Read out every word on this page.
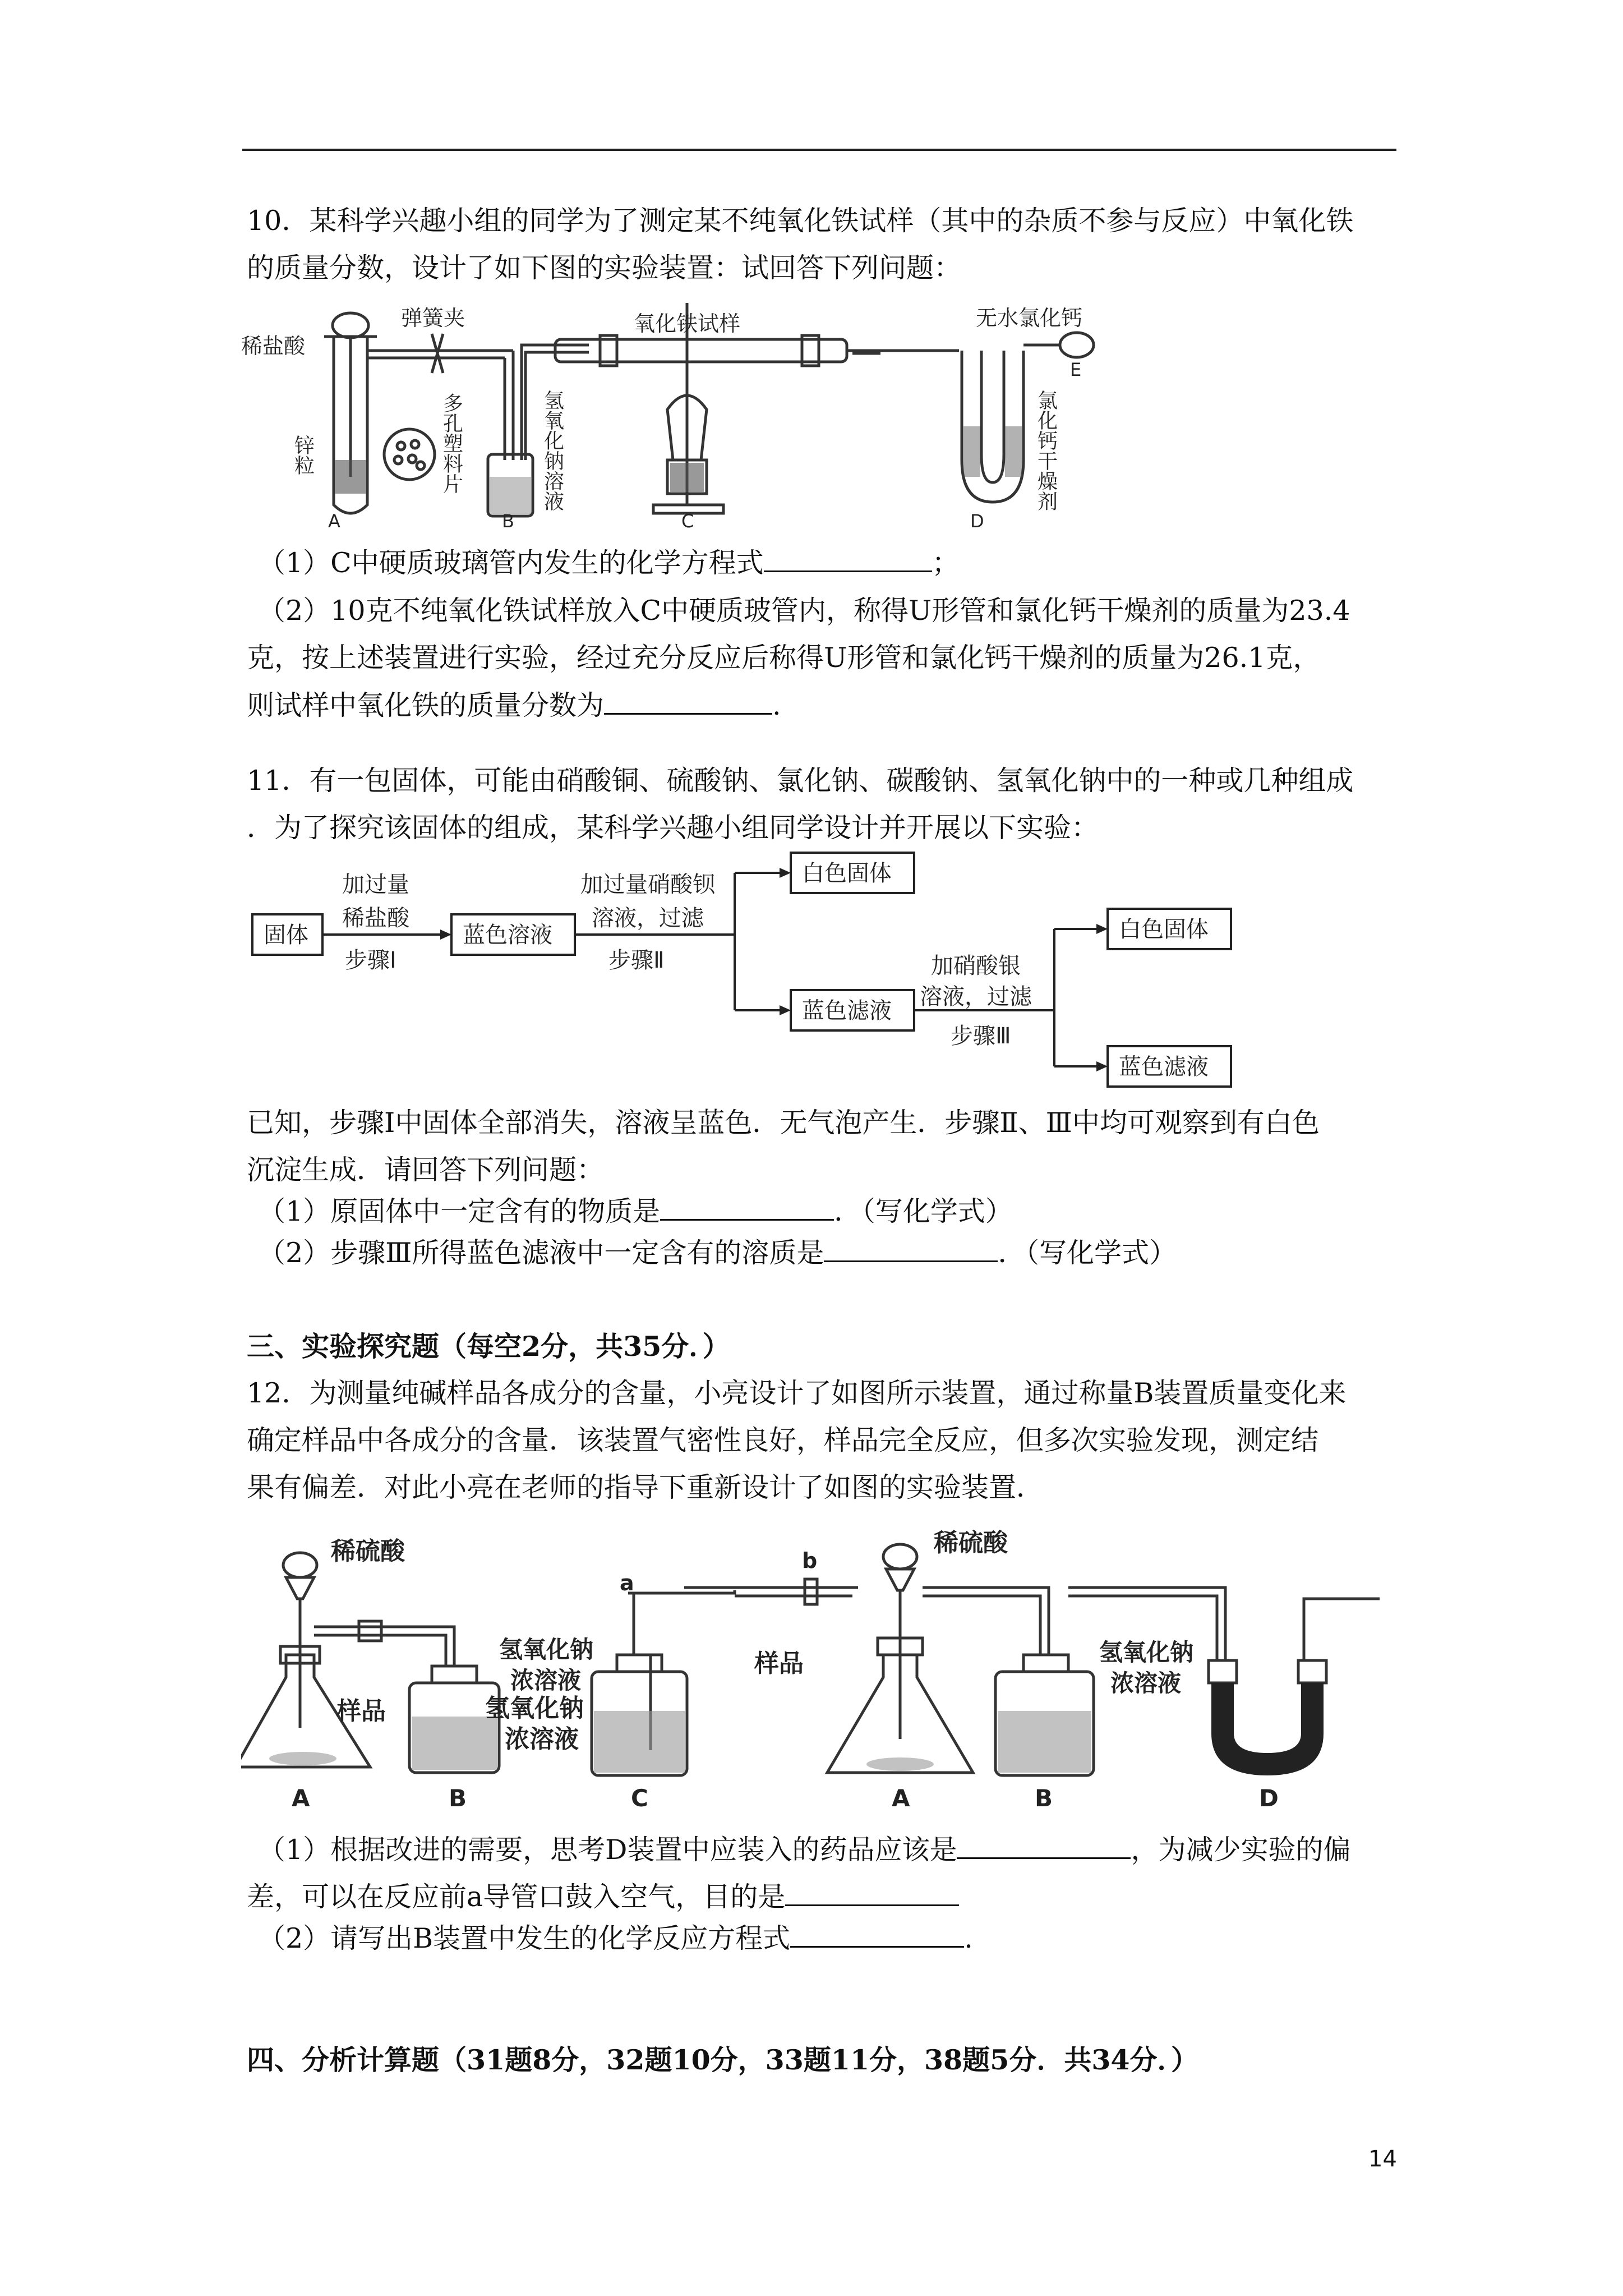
10．某科学兴趣小组的同学为了测定某不纯氧化铁试样（其中的杂质不参与反应）中氧化铁
的质量分数，设计了如下图的实验装置：试回答下列问题：
稀盐酸
弹簧夹	氧化铁试样	无水氯化钙
A	B	C	D
E
锌粒	多孔塑料片	氢氧化钠溶液	氯化钙干燥剂
（1）C中硬质玻璃管内发生的化学方程式	；
（2）10克不纯氧化铁试样放入C中硬质玻管内，称得U形管和氯化钙干燥剂的质量为23.4
克，按上述装置进行实验，经过充分反应后称得U形管和氯化钙干燥剂的质量为26.1克，
则试样中氧化铁的质量分数为	.
11．有一包固体，可能由硝酸铜、硫酸钠、氯化钠、碳酸钠、氢氧化钠中的一种或几种组成
．为了探究该固体的组成，某科学兴趣小组同学设计并开展以下实验：
固体	蓝色溶液
白色固体
蓝色滤液
白色固体
蓝色滤液
加过量
稀盐酸
步骤Ⅰ
加过量硝酸钡
溶液，过滤
步骤Ⅱ	加硝酸银
溶液，过滤
步骤Ⅲ
已知，步骤Ⅰ中固体全部消失，溶液呈蓝色．无气泡产生．步骤Ⅱ、Ⅲ中均可观察到有白色
沉淀生成．请回答下列问题：
（1）原固体中一定含有的物质是	．（写化学式）
（2）步骤Ⅲ所得蓝色滤液中一定含有的溶质是	．（写化学式）
三、实验探究题（每空2分，共35分．）
12．为测量纯碱样品各成分的含量，小亮设计了如图所示装置，通过称量B装置质量变化来
确定样品中各成分的含量．该装置气密性良好，样品完全反应，但多次实验发现，测定结
果有偏差．对此小亮在老师的指导下重新设计了如图的实验装置．
稀硫酸
样品	氢氧化钠
浓溶液
A	B
a
b
稀硫酸
氢氧化钠
浓溶液
样品	氢氧化钠
浓溶液
C	A	B	D
（1）根据改进的需要，思考D装置中应装入的药品应该是	，为减少实验的偏
差，可以在反应前a导管口鼓入空气，目的是
（2）请写出B装置中发生的化学反应方程式	.
四、分析计算题（31题8分，32题10分，33题11分，38题5分．共34分．）
14
